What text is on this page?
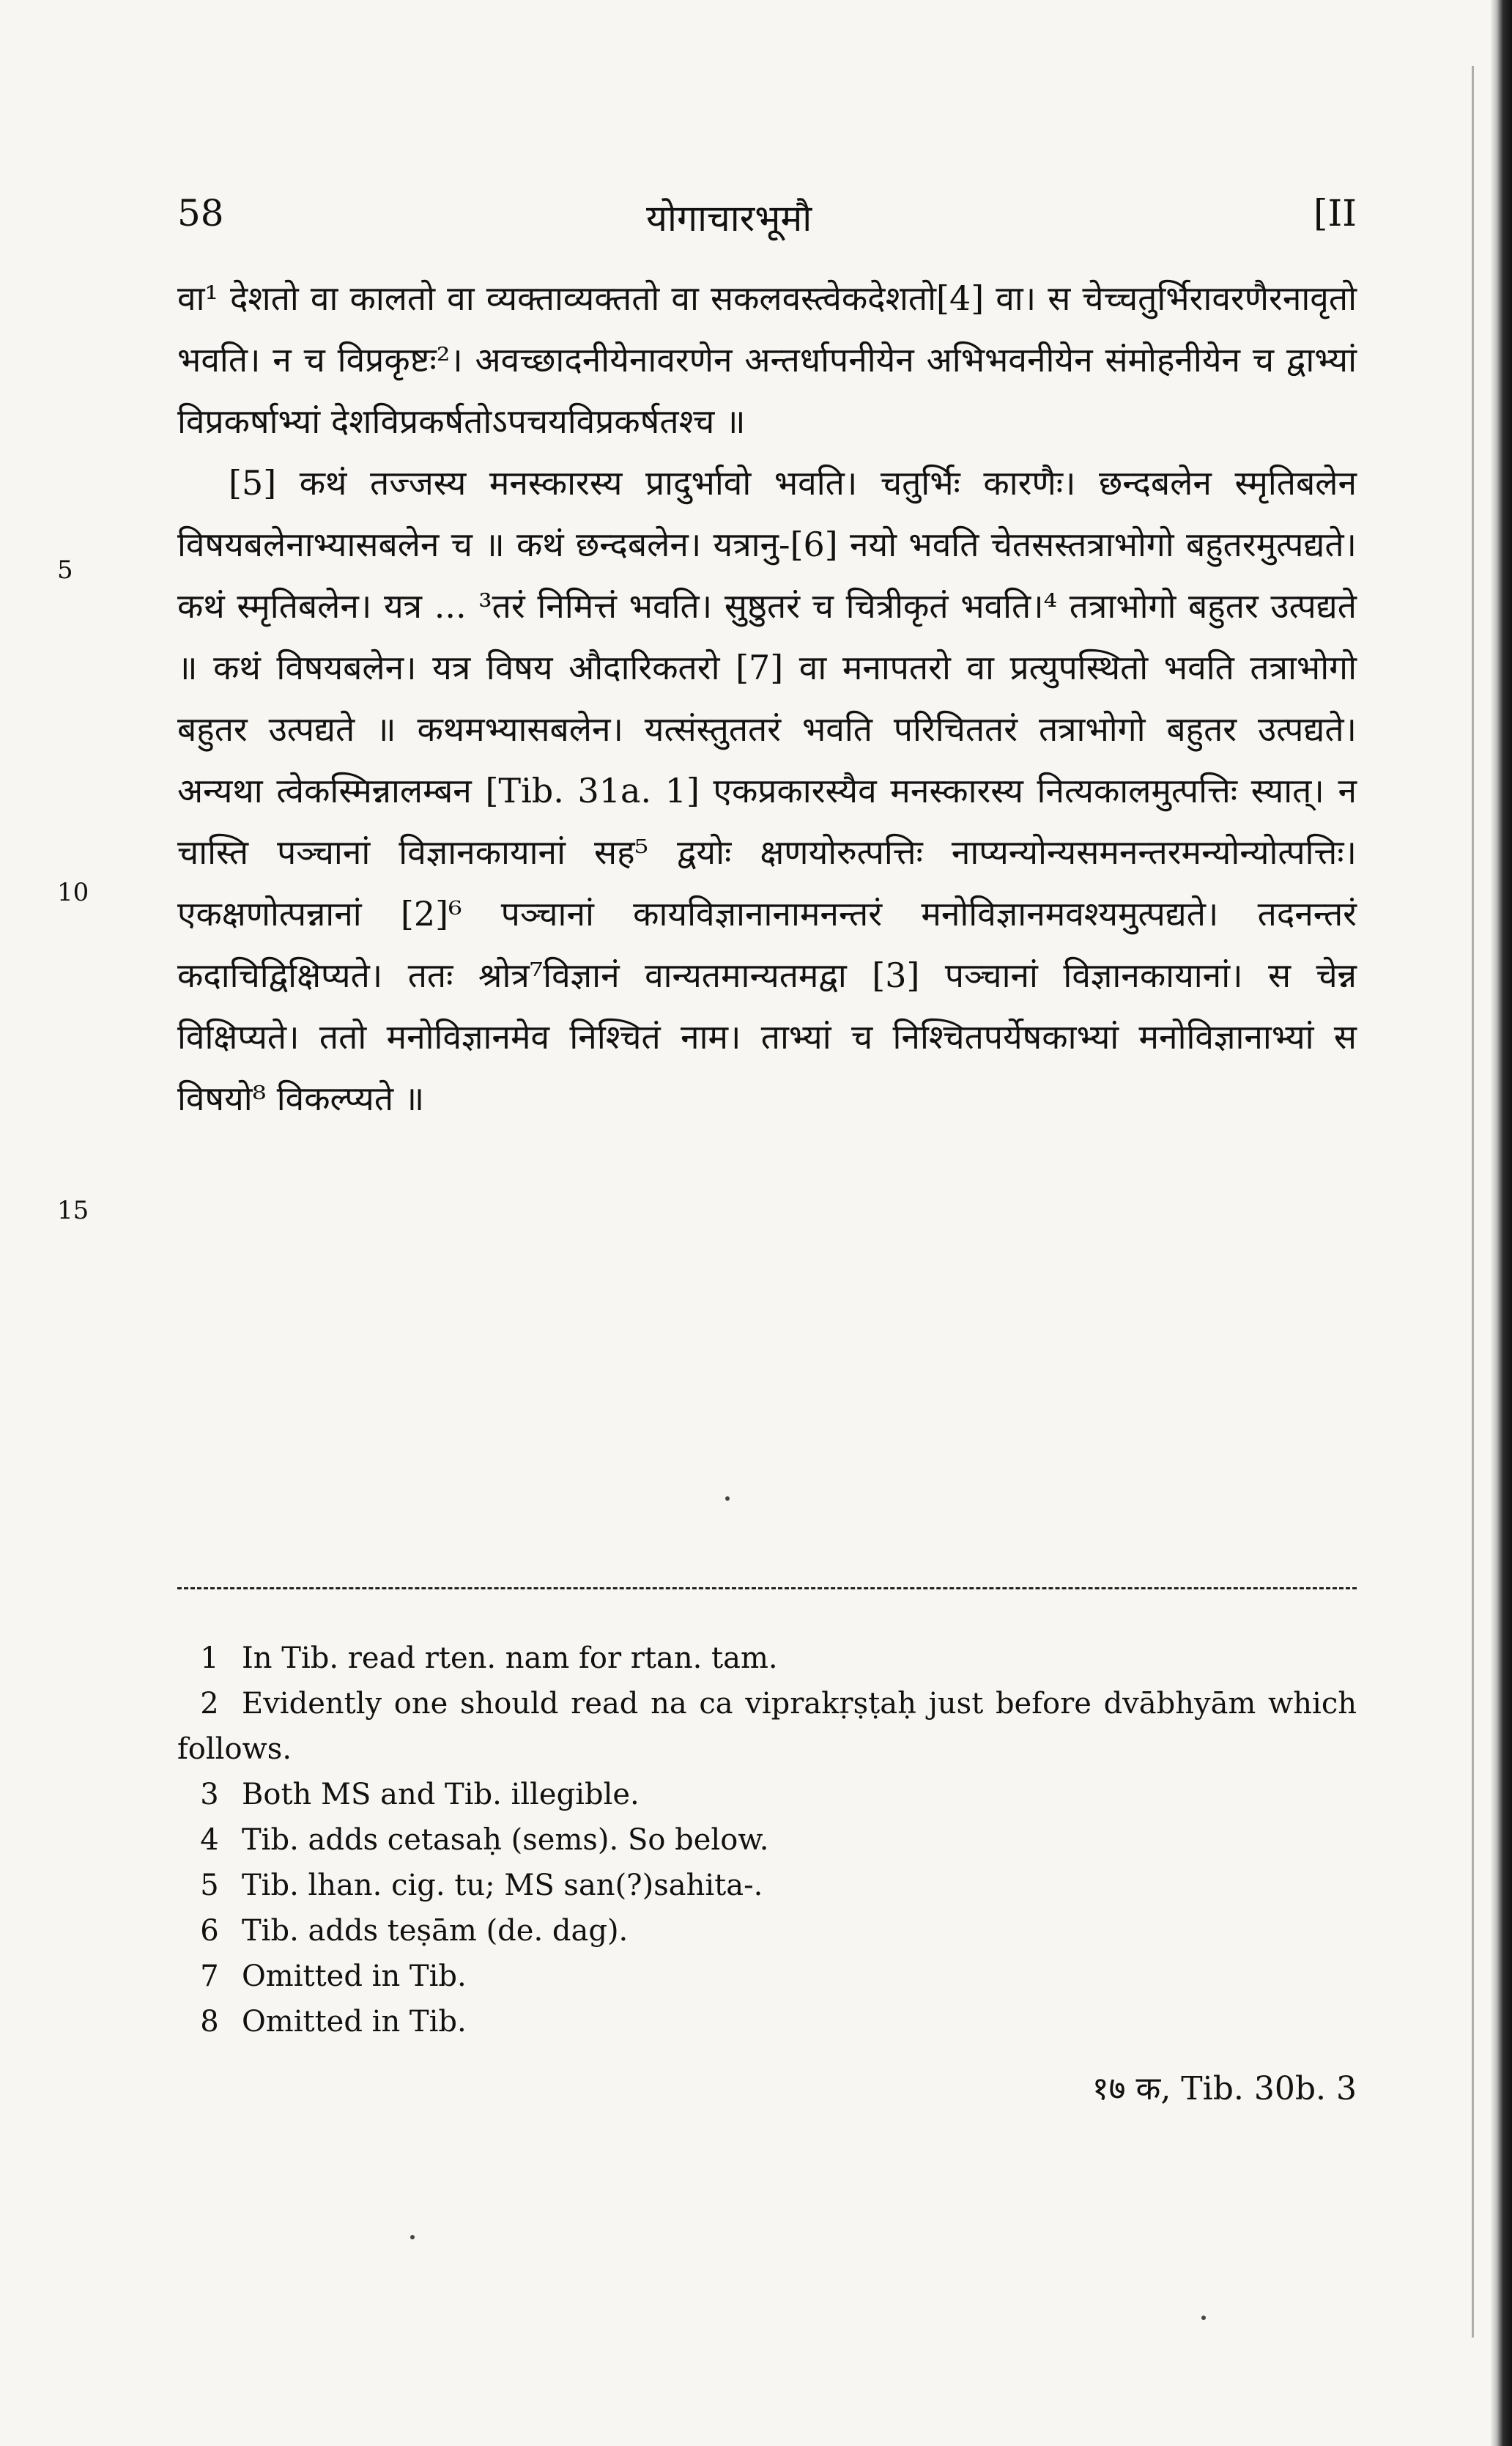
58	योगाचारभूमौ	[II
5
10
15

वा¹ देशतो वा कालतो वा व्यक्ताव्यक्ततो वा सकलवस्त्वेकदेशतो[4] वा। स चेच्चतुर्भिरावरणैरनावृतो भवति। न च विप्रकृष्टः²। अवच्छादनीयेनावरणेन अन्तर्धापनीयेन अभिभवनीयेन संमोहनीयेन च द्वाभ्यां विप्रकर्षाभ्यां देशविप्रकर्षतोऽपचयविप्रकर्षतश्च ॥

[5] कथं तज्जस्य मनस्कारस्य प्रादुर्भावो भवति। चतुर्भिः कारणैः। छन्दबलेन स्मृतिबलेन विषयबलेनाभ्यासबलेन च ॥ कथं छन्दबलेन। यत्रानु-[6] नयो भवति चेतसस्तत्राभोगो बहुतरमुत्पद्यते। कथं स्मृतिबलेन। यत्र ... ³तरं निमित्तं भवति। सुष्ठुतरं च चित्रीकृतं भवति।⁴ तत्राभोगो बहुतर उत्पद्यते ॥ कथं विषयबलेन। यत्र विषय औदारिकतरो [7] वा मनापतरो वा प्रत्युपस्थितो भवति तत्राभोगो बहुतर उत्पद्यते ॥ कथमभ्यासबलेन। यत्संस्तुततरं भवति परिचिततरं तत्राभोगो बहुतर उत्पद्यते। अन्यथा त्वेकस्मिन्नालम्बन [Tib. 31a. 1] एकप्रकारस्यैव मनस्कारस्य नित्यकालमुत्पत्तिः स्यात्। न चास्ति पञ्चानां विज्ञानकायानां सह⁵ द्वयोः क्षणयोरुत्पत्तिः नाप्यन्योन्यसमनन्तरमन्योन्योत्पत्तिः। एकक्षणोत्पन्नानां [2]⁶ पञ्चानां कायविज्ञानानामनन्तरं मनोविज्ञानमवश्यमुत्पद्यते। तदनन्तरं कदाचिद्विक्षिप्यते। ततः श्रोत्र⁷विज्ञानं वान्यतमान्यतमद्वा [3] पञ्चानां विज्ञानकायानां। स चेन्न विक्षिप्यते। ततो मनोविज्ञानमेव निश्चितं नाम। ताभ्यां च निश्चितपर्येषकाभ्यां मनोविज्ञानाभ्यां स विषयो⁸ विकल्प्यते ॥

1 In Tib. read rten. nam for rtan. tam.
2 Evidently one should read na ca viprakṛṣṭaḥ just before dvābhyām which follows.
3 Both MS and Tib. illegible.
4 Tib. adds cetasaḥ (sems). So below.
5 Tib. lhan. cig. tu; MS san(?)sahita-.
6 Tib. adds teṣām (de. dag).
7 Omitted in Tib.
8 Omitted in Tib.
१७ क, Tib. 30b. 3
